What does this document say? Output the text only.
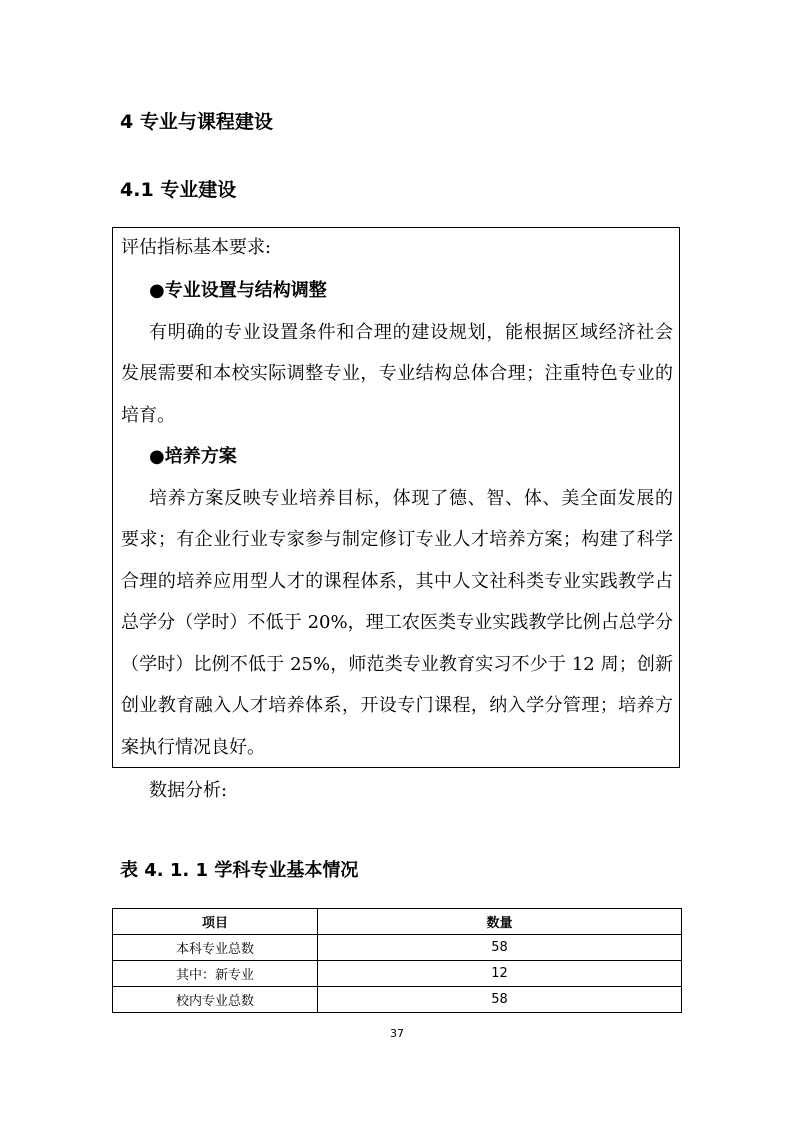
4 专业与课程建设
4.1 专业建设
评估指标基本要求:
●专业设置与结构调整
有明确的专业设置条件和合理的建设规划，能根据区域经济社会
发展需要和本校实际调整专业，专业结构总体合理；注重特色专业的
培育。
●培养方案
培养方案反映专业培养目标，体现了德、智、体、美全面发展的
要求；有企业行业专家参与制定修订专业人才培养方案；构建了科学
合理的培养应用型人才的课程体系，其中人文社科类专业实践教学占
总学分（学时）不低于 20%，理工农医类专业实践教学比例占总学分
（学时）比例不低于 25%，师范类专业教育实习不少于 12 周；创新
创业教育融入人才培养体系，开设专门课程，纳入学分管理；培养方
案执行情况良好。
数据分析:
表 4. 1. 1 学科专业基本情况
项目	数量
本科专业总数	58
其中：新专业	12
校内专业总数	58
37
